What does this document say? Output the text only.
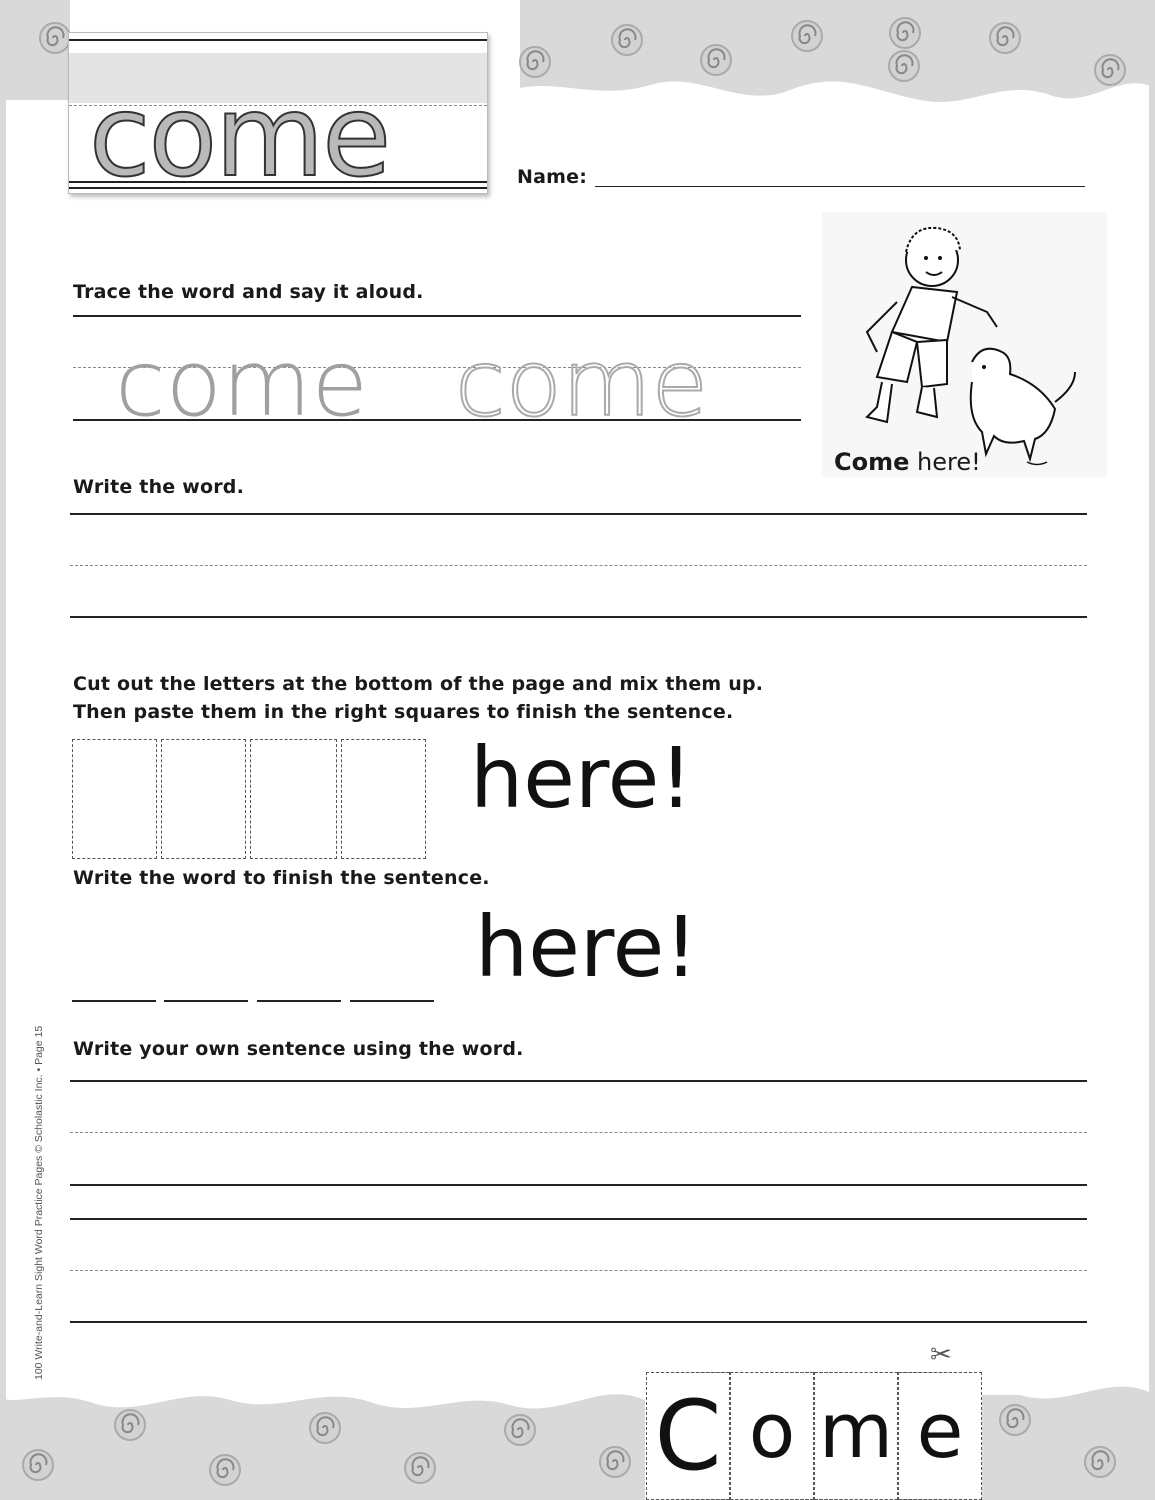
come	Name:
Come here!
Trace the word and say it aloud.
come come
Write the word.
Cut out the letters at the bottom of the page and mix them up.
Then paste them in the right squares to finish the sentence.
here!
Write the word to finish the sentence.
here!
Write your own sentence using the word.
100 Write-and-Learn Sight Word Practice Pages © Scholastic Inc. • Page 15	✂
C o m e
